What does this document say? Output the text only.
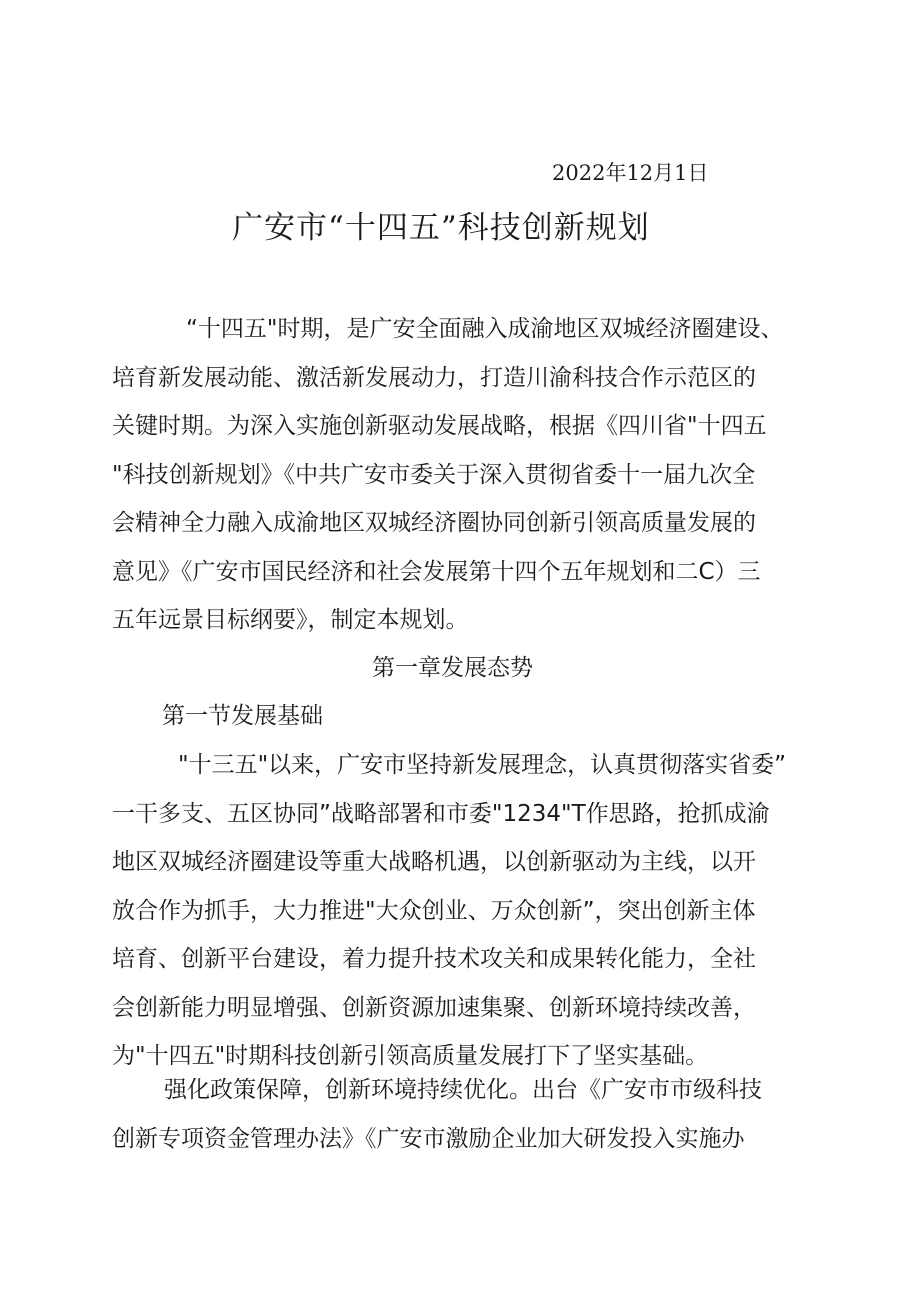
2022年12月1日
广安市“十四五”科技创新规划
“十四五"时期，是广安全面融入成渝地区双城经济圈建设、
培育新发展动能、激活新发展动力，打造川渝科技合作示范区的
关键时期。为深入实施创新驱动发展战略，根据《四川省"十四五
"科技创新规划》《中共广安市委关于深入贯彻省委十一届九次全
会精神全力融入成渝地区双城经济圈协同创新引领高质量发展的
意见》《广安市国民经济和社会发展第十四个五年规划和二C）三
五年远景目标纲要》，制定本规划。
第一章发展态势
第一节发展基础
"十三五"以来，广安市坚持新发展理念，认真贯彻落实省委”
一干多支、五区协同”战略部署和市委"1234"T作思路，抢抓成渝
地区双城经济圈建设等重大战略机遇，以创新驱动为主线，以开
放合作为抓手，大力推进"大众创业、万众创新”，突出创新主体
培育、创新平台建设，着力提升技术攻关和成果转化能力，全社
会创新能力明显增强、创新资源加速集聚、创新环境持续改善，
为"十四五"时期科技创新引领高质量发展打下了坚实基础。
强化政策保障，创新环境持续优化。出台《广安市市级科技
创新专项资金管理办法》《广安市激励企业加大研发投入实施办
